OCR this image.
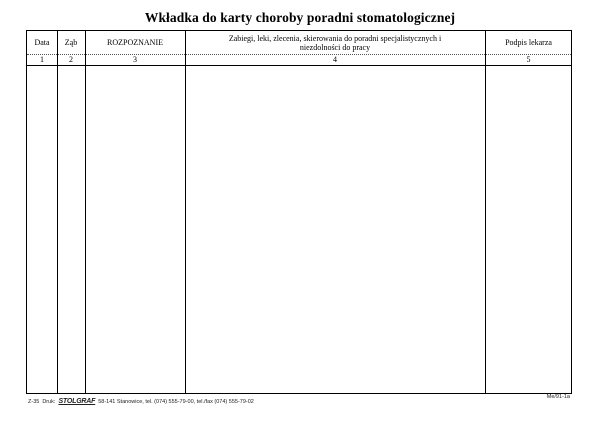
Wkładka do karty choroby poradni stomatologicznej
Data	Ząb	ROZPOZNANIE	Zabiegi, leki, zlecenia, skierowania do poradni specjalistycznych i niezdolności do pracy	Podpis lekarza
1	2	3	4	5
Z-35 Druk: STOLGRAF 58-141 Stanowice, tel. (074) 555-79-00, tel./fax (074) 555-79-02
Me/91-1a
